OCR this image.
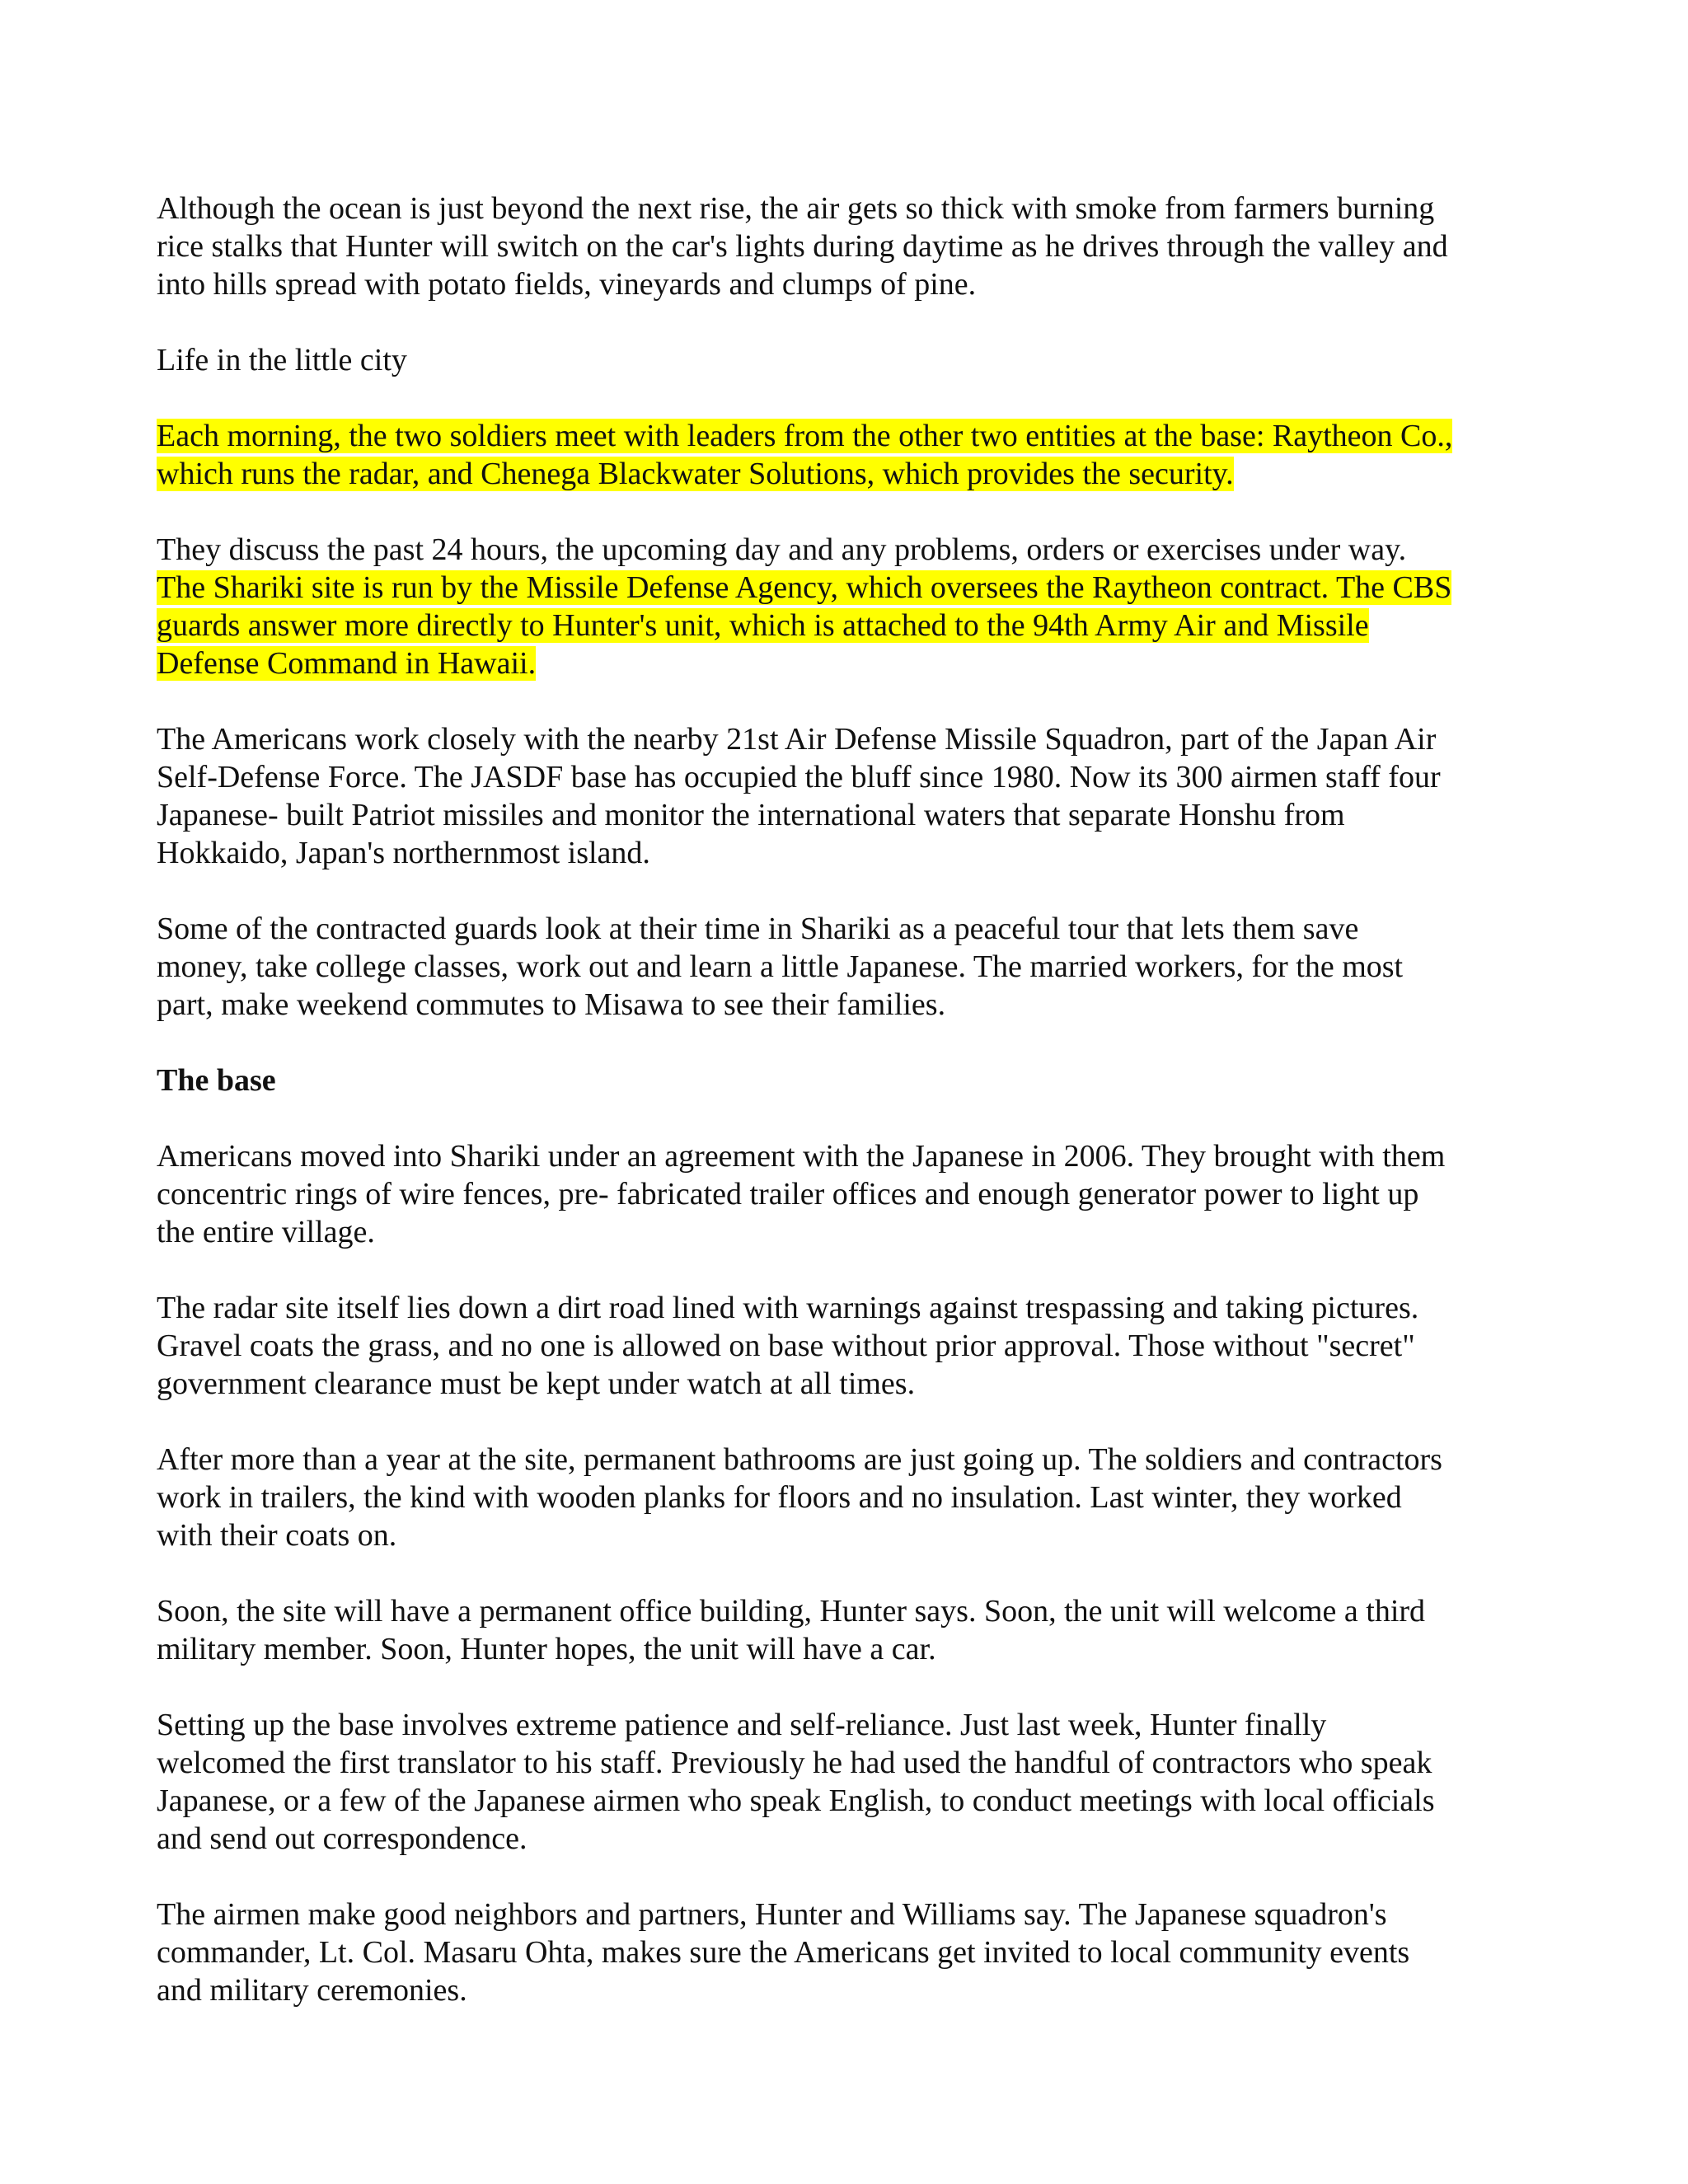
Although the ocean is just beyond the next rise, the air gets so thick with smoke from farmers burning
rice stalks that Hunter will switch on the car's lights during daytime as he drives through the valley and
into hills spread with potato fields, vineyards and clumps of pine.
Life in the little city
Each morning, the two soldiers meet with leaders from the other two entities at the base: Raytheon Co.,
which runs the radar, and Chenega Blackwater Solutions, which provides the security.
They discuss the past 24 hours, the upcoming day and any problems, orders or exercises under way.
The Shariki site is run by the Missile Defense Agency, which oversees the Raytheon contract. The CBS
guards answer more directly to Hunter's unit, which is attached to the 94th Army Air and Missile
Defense Command in Hawaii.
The Americans work closely with the nearby 21st Air Defense Missile Squadron, part of the Japan Air
Self-Defense Force. The JASDF base has occupied the bluff since 1980. Now its 300 airmen staff four
Japanese- built Patriot missiles and monitor the international waters that separate Honshu from
Hokkaido, Japan's northernmost island.
Some of the contracted guards look at their time in Shariki as a peaceful tour that lets them save
money, take college classes, work out and learn a little Japanese. The married workers, for the most
part, make weekend commutes to Misawa to see their families.
The base
Americans moved into Shariki under an agreement with the Japanese in 2006. They brought with them
concentric rings of wire fences, pre- fabricated trailer offices and enough generator power to light up
the entire village.
The radar site itself lies down a dirt road lined with warnings against trespassing and taking pictures.
Gravel coats the grass, and no one is allowed on base without prior approval. Those without "secret"
government clearance must be kept under watch at all times.
After more than a year at the site, permanent bathrooms are just going up. The soldiers and contractors
work in trailers, the kind with wooden planks for floors and no insulation. Last winter, they worked
with their coats on.
Soon, the site will have a permanent office building, Hunter says. Soon, the unit will welcome a third
military member. Soon, Hunter hopes, the unit will have a car.
Setting up the base involves extreme patience and self-reliance. Just last week, Hunter finally
welcomed the first translator to his staff. Previously he had used the handful of contractors who speak
Japanese, or a few of the Japanese airmen who speak English, to conduct meetings with local officials
and send out correspondence.
The airmen make good neighbors and partners, Hunter and Williams say. The Japanese squadron's
commander, Lt. Col. Masaru Ohta, makes sure the Americans get invited to local community events
and military ceremonies.
